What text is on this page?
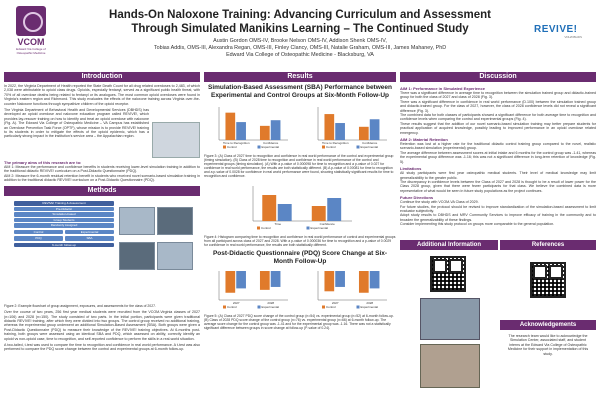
VCOM
Edward Via College of Osteopathic Medicine
Hands-On Naloxone Training: Advancing Curriculum and Assessment
Through Simulated Manikins Learning – The Continued Study
Austin Gordon OMS-IV, Brooke Nelson OMS-IV, Addison Shenk OMS-IV,
Tobias Addis, OMS-III, Alexandra Regan, OMS-III, Finley Clancy, OMS-III, Natalie Graham, OMS-III, James Mahaney, PhD
Edward Via College of Osteopathic Medicine - Blacksburg, VA
REVIVE!
VDH/DBHDS
Introduction	Results	Discussion

In 2022, the Virginia Department of Health reported the State Death Count for all drug related overdoses to 2,483, of which 2,038 were attributable to opioid class drugs. Opioids, especially fentanyl, served as a significant public health threat, with 70% of all overdose deaths being related to fentanyl or its analogues. The most common opioid overdoses were found in Virginia's eastern region and Richmond. This study evaluates the effects of the naloxone training across Virginia over-the-counter Naloxone functions through sympathize children of the opioid receptor.

The Virginia Department of Behavioral Health and Developmental Services (DBHDS) has developed an opioid overdose and naloxone education program called REVIVE!, which provides lay-rescuer training on how to identify and treat an opioid overdose with naloxone (Fig. A). The Edward Via College of Osteopathic Medicine – VA Campus has established an Overdose Prevention Task Force (OPTF), whose mission is to provide REVIVE! training to its students in order to mitigate the effects of the opioid epidemic, which has a particularly strong impact in the institution's service area – the Appalachian region.

The primary aims of this research are to:

AIM 1: Measure the performance and confidence benefits in students receiving lower-level simulation training in addition to the traditional didactic REVIVE! curriculum on a Post-Didactic Questionnaire (PDQ).

AIM 2: Measure the 6-month residual retention benefit in students who received novel scenario-based simulation training in addition to the traditional didactic REVIVE! curriculum on a Post-Didactic Questionnaire (PDQ).

Methods
REVIVE! Training & Assessment
Pre-Didactic
Simulation-based
Group Students
Randomly Assigned
Control	Experimental
PDQ	SBA
6-month follow-up

Figure 2: Example flowchart of group assignment, exposures, and assessments for the class of 2027.

Over the course of two years, 256 first year medical students were recruited from the VCOM-Virginia classes of 2027 (n=106) and 2028 (n=150). The study consisted of two parts. In the initial portion, participants were given traditional didactic REVIVE! training, after which they were divided into two groups. The control group received no additional training, whereas the experimental group underwent an additional Simulation-Based Assessment (SBA). Both groups were given a Post-Didactic Questionnaire (PDQ) to measure their knowledge of the REVIVE! training objectives. At 6-months post-training, both groups were assessed using an identical SBA and PDQ, which assessed on ability, correctly identify an opioid vs non-opioid case, time to recognition, and self-reported confidence to perform the skills in a real-world situation.

A two-tailed, t-test was used to compare the time to recognition and confidence in real world performance. A t-test was also performed to compare the PDQ score change between the control and experimental groups at 6-month follow-up.

Simulation-Based Assessment (SBA) Performance between Experimental and Control Groups at Six-Month Follow-Up
Time to Recognition	Confidence
Control	Experimental
Time to Recognition	Confidence
Control	Experimental

Figure 3: (A) Class of 2027 time to recognition and confidence in real world performance of the control and experimental group (timing simulation). (B) Class of 2028 time to recognition and confidence in real world performance of the control and experimental groups (timing simulation). (A) With a p-value of 0.000098 for time to recognition and a p-value of 0.027 for confidence in real world performance, the results are both statistically different. (B) A p-value of 0.00081 for time to recognition and a p-value of 0.0028 for confidence in real world performance were found, showing statistically significant results for time to recognition and confidence.

Time	Confidence
Control	Experimental

Figure 4: Histogram comparing time to recognition and confidence in real world performance of control and experimental groups from all participant across class of 2027 and 2028. With a p-value of 0.000036 for time to recognition and a p-value of 0.0029 for confidence in real world performance, the results are both statistically different.

Post-Didactic Questionnaire (PDQ) Score Change at Six-Month Follow-Up
2027	2028
Control	Experimental
2027	2028
Control	Experimental

Figure 5: (A) Class of 2027 PDQ score change of the control group (n=54) vs. experimental group (n=52) at 6-month follow-up. (B) Class of 2028 PDQ score change of the control group (n=76) vs. experimental group (n=66) at 6-month follow-up. The average score change for the control group was -1.41 and for the experimental group was -1.16. There was not a statistically significant difference between groups in score change at follow-up (P-value of 0.24).

AIM 1: Performance in Simulated Experience

There was a significant difference in average time to recognition between the simulation trained group and didactic-trained group for both the class of 2027 and class of 2028 (Fig. 3).

There was a significant difference in confidence in real world performance (D.100) between the simulation trained group and didactic-trained group. For the class of 2027, however, the class of 2028 confidence levels did not reveal a significant difference (Fig. 3).

The combined data for both classes of participants showed a significant difference for both average time to recognition and confidence levels when comparing the control and experimental groups (Fig. 4).

These results suggest that the addition of our novel scenario-based simulation training may better prepare students for practical application of acquired knowledge, possibly leading to improved performance in an opioid overdose related emergency.

AIM 2: Material Retention

Retention was lost at a higher rate for the traditional didactic control training group compared to the novel, realistic scenario-based simulation (experimental) group.

The average difference between assessment scores at initial intake and 6 months for the control group was -1.41, whereas the experimental group difference was -1.16; this was not a significant difference in long-term retention of knowledge (Fig. 5).

Limitations

All study participants were first year osteopathic medical students. Their level of medical knowledge may limit generalizability to the greater public.

The discrepancy in confidence levels between the Class of 2027 and 2028 is thought to be a result of lower power for the Class 2028 group, given that there were fewer participants for that class. We believe the combined data is more representative of what would be seen in future study populations as the project continues.

Future Directions

Continue the study with VCOM-VA Class of 2029.

For future studies, the protocol should be revised to improve standardization of the simulation-based assessment to limit evaluator subjectivity.

Adopt study results to DBHDS and MRV Community Services to improve efficacy of training in the community and to broaden the generalizability of these findings.

Consider implementing this study protocol on groups more comparable to the general population.

Additional Information	References
Acknowledgements

The research team would like to acknowledge the Simulation Center, associated staff, and student interns at the Edward Via College of Osteopathic Medicine for their support in implementation of this study.
